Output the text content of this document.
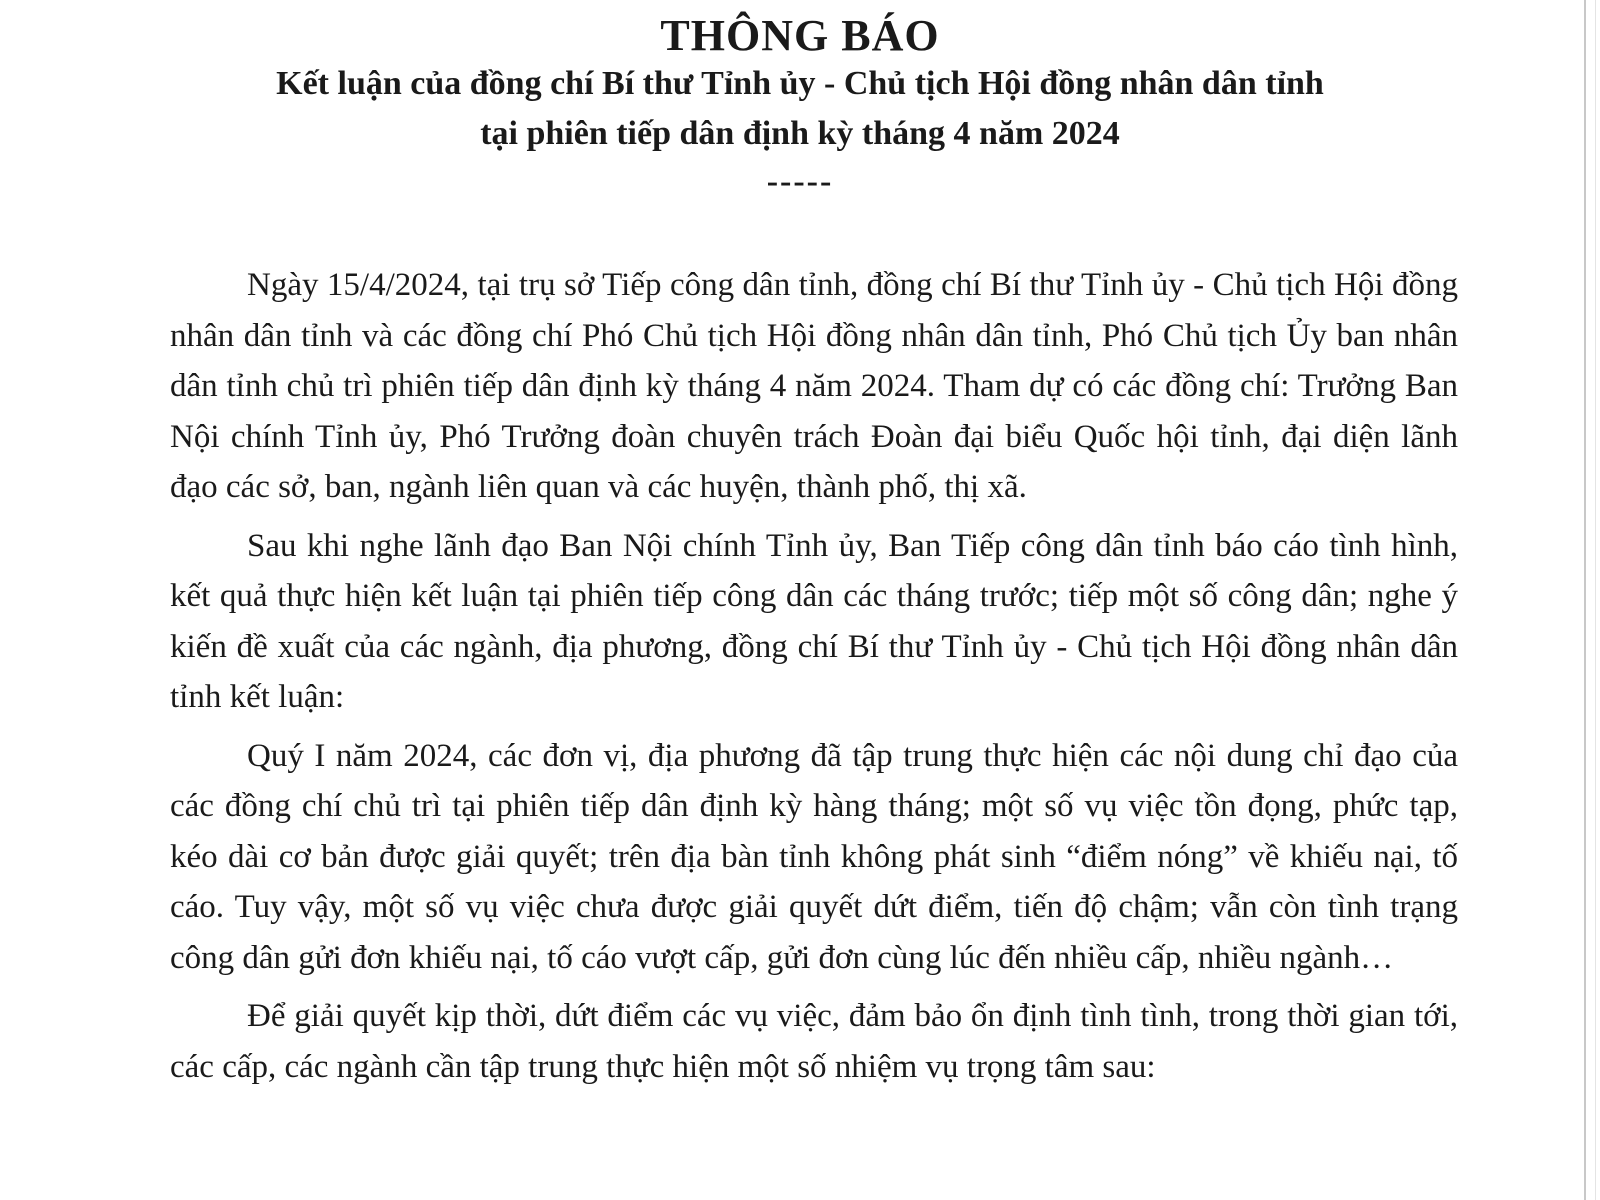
THÔNG BÁO
Kết luận của đồng chí Bí thư Tỉnh ủy - Chủ tịch Hội đồng nhân dân tỉnh
tại phiên tiếp dân định kỳ tháng 4 năm 2024
-----

Ngày 15/4/2024, tại trụ sở Tiếp công dân tỉnh, đồng chí Bí thư Tỉnh ủy - Chủ tịch Hội đồng nhân dân tỉnh và các đồng chí Phó Chủ tịch Hội đồng nhân dân tỉnh, Phó Chủ tịch Ủy ban nhân dân tỉnh chủ trì phiên tiếp dân định kỳ tháng 4 năm 2024. Tham dự có các đồng chí: Trưởng Ban Nội chính Tỉnh ủy, Phó Trưởng đoàn chuyên trách Đoàn đại biểu Quốc hội tỉnh, đại diện lãnh đạo các sở, ban, ngành liên quan và các huyện, thành phố, thị xã.

Sau khi nghe lãnh đạo Ban Nội chính Tỉnh ủy, Ban Tiếp công dân tỉnh báo cáo tình hình, kết quả thực hiện kết luận tại phiên tiếp công dân các tháng trước; tiếp một số công dân; nghe ý kiến đề xuất của các ngành, địa phương, đồng chí Bí thư Tỉnh ủy - Chủ tịch Hội đồng nhân dân tỉnh kết luận:

Quý I năm 2024, các đơn vị, địa phương đã tập trung thực hiện các nội dung chỉ đạo của các đồng chí chủ trì tại phiên tiếp dân định kỳ hàng tháng; một số vụ việc tồn đọng, phức tạp, kéo dài cơ bản được giải quyết; trên địa bàn tỉnh không phát sinh “điểm nóng” về khiếu nại, tố cáo. Tuy vậy, một số vụ việc chưa được giải quyết dứt điểm, tiến độ chậm; vẫn còn tình trạng công dân gửi đơn khiếu nại, tố cáo vượt cấp, gửi đơn cùng lúc đến nhiều cấp, nhiều ngành…

Để giải quyết kịp thời, dứt điểm các vụ việc, đảm bảo ổn định tình tình, trong thời gian tới, các cấp, các ngành cần tập trung thực hiện một số nhiệm vụ trọng tâm sau:
